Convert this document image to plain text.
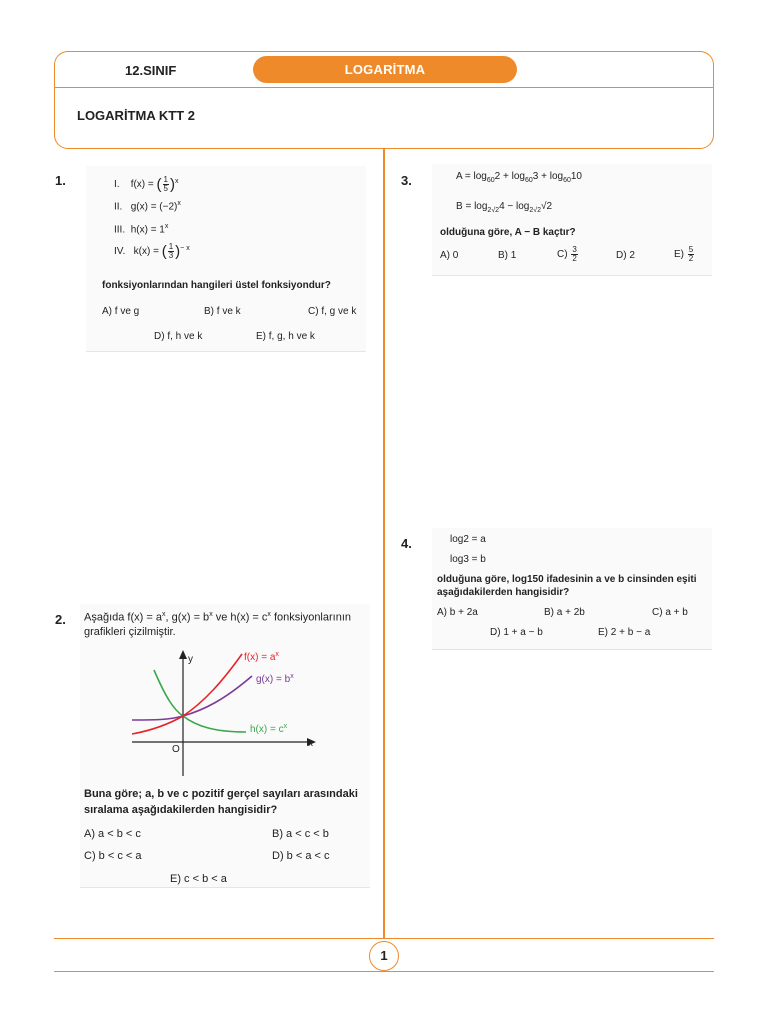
12.SINIF	LOGARİTMA
LOGARİTMA KTT 2
1.	I. f(x) = ( $\frac{1}{5} )^x$
II. $g(x) = (-2)^x$
III. $h(x) = 1^x$
IV. k(x) = ( $\frac{1}{3} )^{- x}$
fonksiyonlarından hangileri üstel fonksiyondur?
A) f ve g	B) f ve k	C) f, g ve k
D) f, h ve k	E) f, g, h ve k
2. Aşağıda $f(x) = a^x$, $g(x) = b^x$ ve $h(x) = c^x$ fonksiyonlarının
grafikleri çizilmiştir.
Buna göre; a, b ve c pozitif gerçel sayıları arasındaki
sıralama aşağıdakilerden hangisidir?
A) a < b < c	B) a < c < b
C) b < c < a	D) b < a < c
E) c < b < a
y
x
O
$f(x) = a^x$
$g(x) = b^x$
$h(x) = c^x$
3.	$A = \log_{60}2 + \log_{60}3 + \log_{60}10$
$B = \log_{2√2}4 - \log_{2√2}√2$
olduğuna göre, A − B kaçtır?
A) 0	B) 1	$C) \frac{3}{2}$	D) 2	$E) \frac{5}{2}$
4.	log2 = a
log3 = b
olduğuna göre, log150 ifadesinin a ve b cinsinden eşiti
aşağıdakilerden hangisidir?
A) b + 2a	B) a + 2b	C) a + b
D) 1 + a − b	E) 2 + b − a
1
